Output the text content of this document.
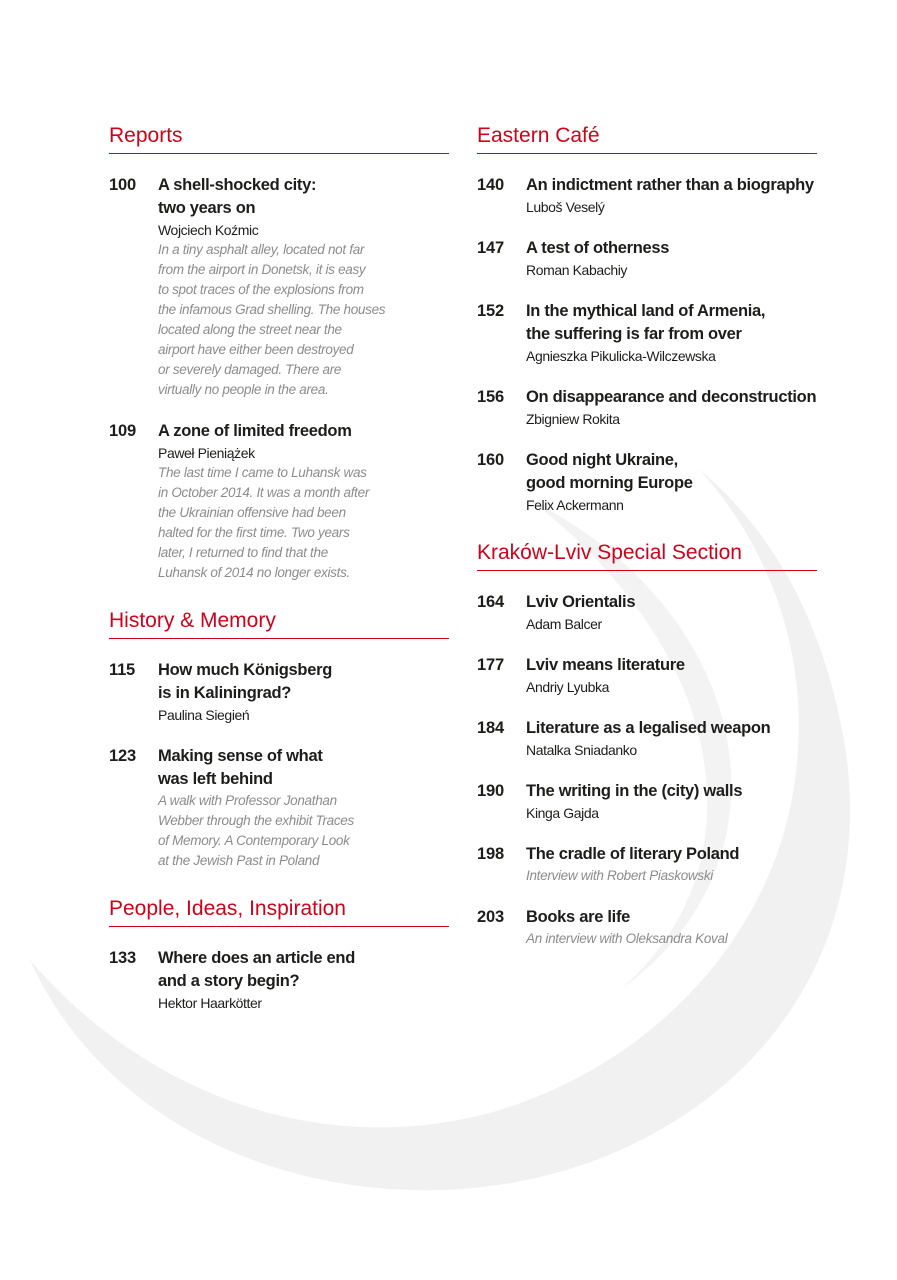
Reports
100	A shell-shocked city:
two years on
Wojciech Koźmic
In a tiny asphalt alley, located not far
from the airport in Donetsk, it is easy
to spot traces of the explosions from
the infamous Grad shelling. The houses
located along the street near the
airport have either been destroyed
or severely damaged. There are
virtually no people in the area.
109	A zone of limited freedom
Paweł Pieniążek
The last time I came to Luhansk was
in October 2014. It was a month after
the Ukrainian offensive had been
halted for the first time. Two years
later, I returned to find that the
Luhansk of 2014 no longer exists.
History & Memory
115	How much Königsberg
is in Kaliningrad?
Paulina Siegień
123	Making sense of what
was left behind
A walk with Professor Jonathan
Webber through the exhibit Traces
of Memory. A Contemporary Look
at the Jewish Past in Poland
People, Ideas, Inspiration
133	Where does an article end
and a story begin?
Hektor Haarkötter
Eastern Café
140	An indictment rather than a biography
Luboš Veselý
147	A test of otherness
Roman Kabachiy
152	In the mythical land of Armenia,
the suffering is far from over
Agnieszka Pikulicka-Wilczewska
156	On disappearance and deconstruction
Zbigniew Rokita
160	Good night Ukraine,
good morning Europe
Felix Ackermann
Kraków-Lviv Special Section
164	Lviv Orientalis
Adam Balcer
177	Lviv means literature
Andriy Lyubka
184	Literature as a legalised weapon
Natalka Sniadanko
190	The writing in the (city) walls
Kinga Gajda
198	The cradle of literary Poland
Interview with Robert Piaskowski
203	Books are life
An interview with Oleksandra Koval
